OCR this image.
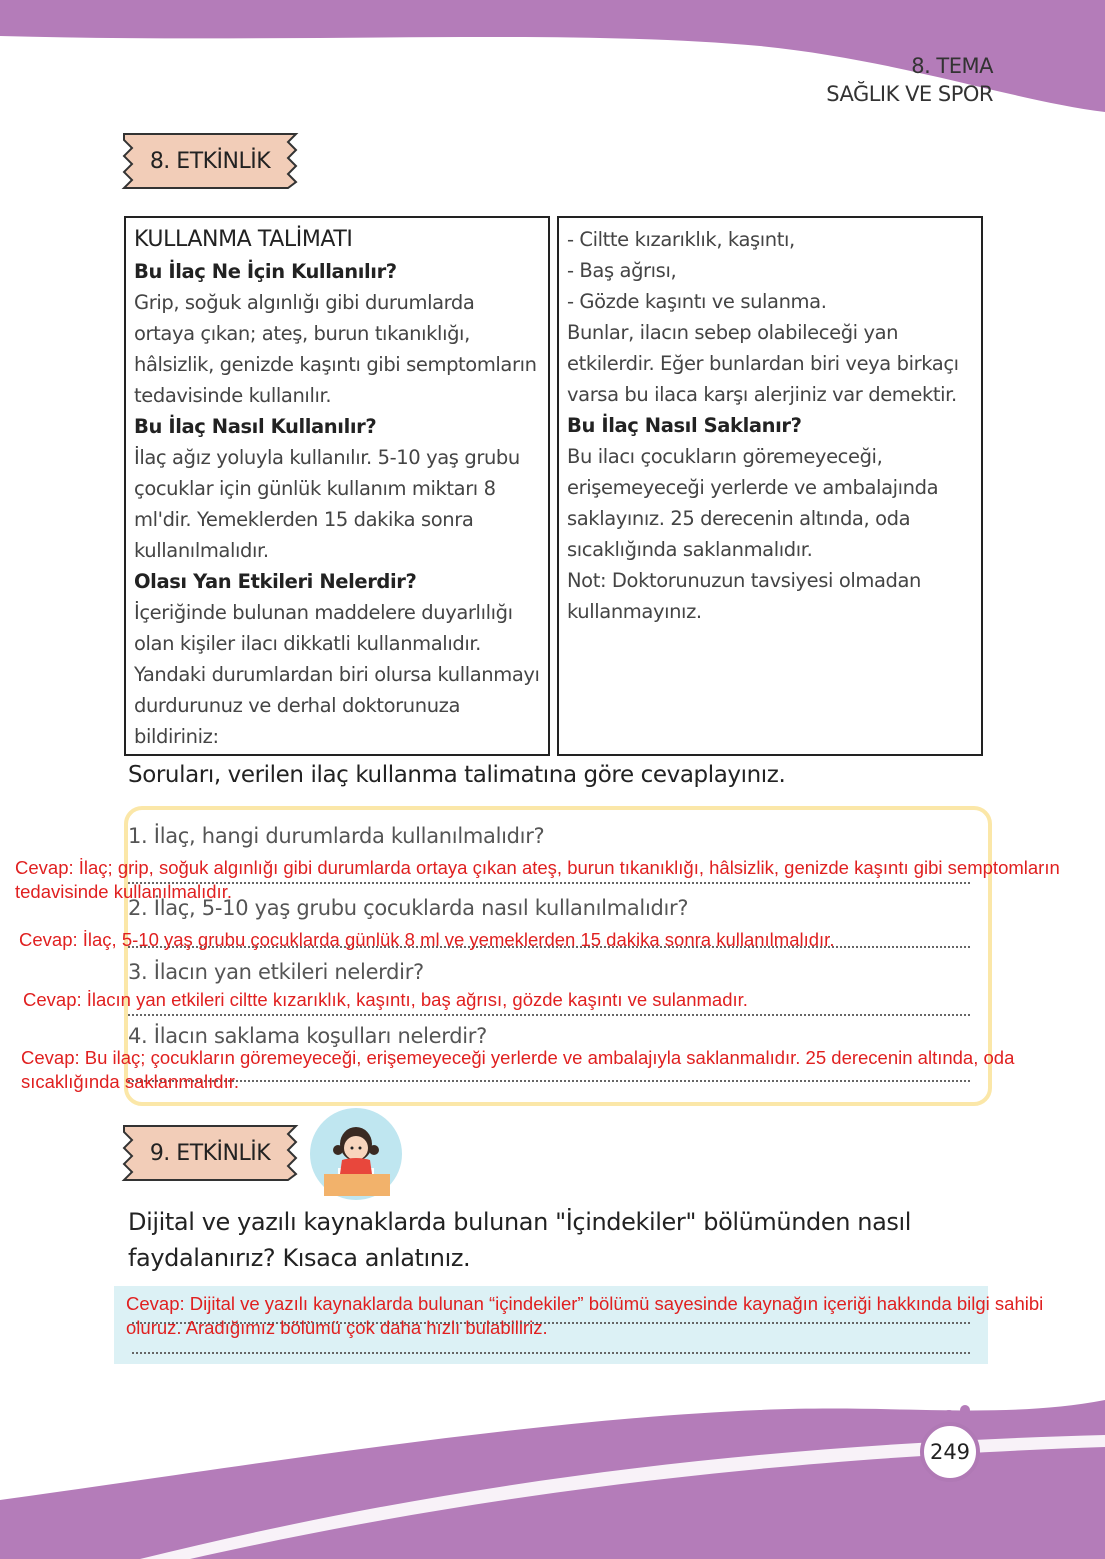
8. TEMA
SAĞLIK VE SPOR
8. ETKİNLİK

KULLANMA TALİMATI

Bu İlaç Ne İçin Kullanılır?

Grip, soğuk algınlığı gibi durumlarda ortaya çıkan; ateş, burun tıkanıklığı, hâlsizlik, genizde kaşıntı gibi semptomların tedavisinde kullanılır.

Bu İlaç Nasıl Kullanılır?

İlaç ağız yoluyla kullanılır. 5-10 yaş grubu çocuklar için günlük kullanım miktarı 8 ml'dir. Yemeklerden 15 dakika sonra kullanılmalıdır.

Olası Yan Etkileri Nelerdir?

İçeriğinde bulunan maddelere duyarlılığı olan kişiler ilacı dikkatli kullanmalıdır. Yandaki durumlardan biri olursa kullanmayı durdurunuz ve derhal doktorunuza bildiriniz:

- Ciltte kızarıklık, kaşıntı,

- Baş ağrısı,

- Gözde kaşıntı ve sulanma.

Bunlar, ilacın sebep olabileceği yan etkilerdir. Eğer bunlardan biri veya birkaçı varsa bu ilaca karşı alerjiniz var demektir.

Bu İlaç Nasıl Saklanır?

Bu ilacı çocukların göremeyeceği, erişemeyeceği yerlerde ve ambalajında saklayınız. 25 derecenin altında, oda sıcaklığında saklanmalıdır.

Not: Doktorunuzun tavsiyesi olmadan kullanmayınız.

Soruları, verilen ilaç kullanma talimatına göre cevaplayınız.
1. İlaç, hangi durumlarda kullanılmalıdır?
Cevap: İlaç; grip, soğuk algınlığı gibi durumlarda ortaya çıkan ateş, burun tıkanıklığı, hâlsizlik, genizde kaşıntı gibi semptomların tedavisinde kullanılmalıdır.
2. İlaç, 5-10 yaş grubu çocuklarda nasıl kullanılmalıdır?
Cevap: İlaç, 5-10 yaş grubu çocuklarda günlük 8 ml ve yemeklerden 15 dakika sonra kullanılmalıdır.
3. İlacın yan etkileri nelerdir?
Cevap: İlacın yan etkileri ciltte kızarıklık, kaşıntı, baş ağrısı, gözde kaşıntı ve sulanmadır.
4. İlacın saklama koşulları nelerdir?
Cevap: Bu ilaç; çocukların göremeyeceği, erişemeyeceği yerlerde ve ambalajıyla saklanmalıdır. 25 derecenin altında, oda sıcaklığında saklanmalıdır.
9. ETKİNLİK
Dijital ve yazılı kaynaklarda bulunan "İçindekiler" bölümünden nasıl faydalanırız? Kısaca anlatınız.
Cevap: Dijital ve yazılı kaynaklarda bulunan “içindekiler” bölümü sayesinde kaynağın içeriği hakkında bilgi sahibi oluruz. Aradığımız bölümü çok daha hızlı bulabiliriz.
249
